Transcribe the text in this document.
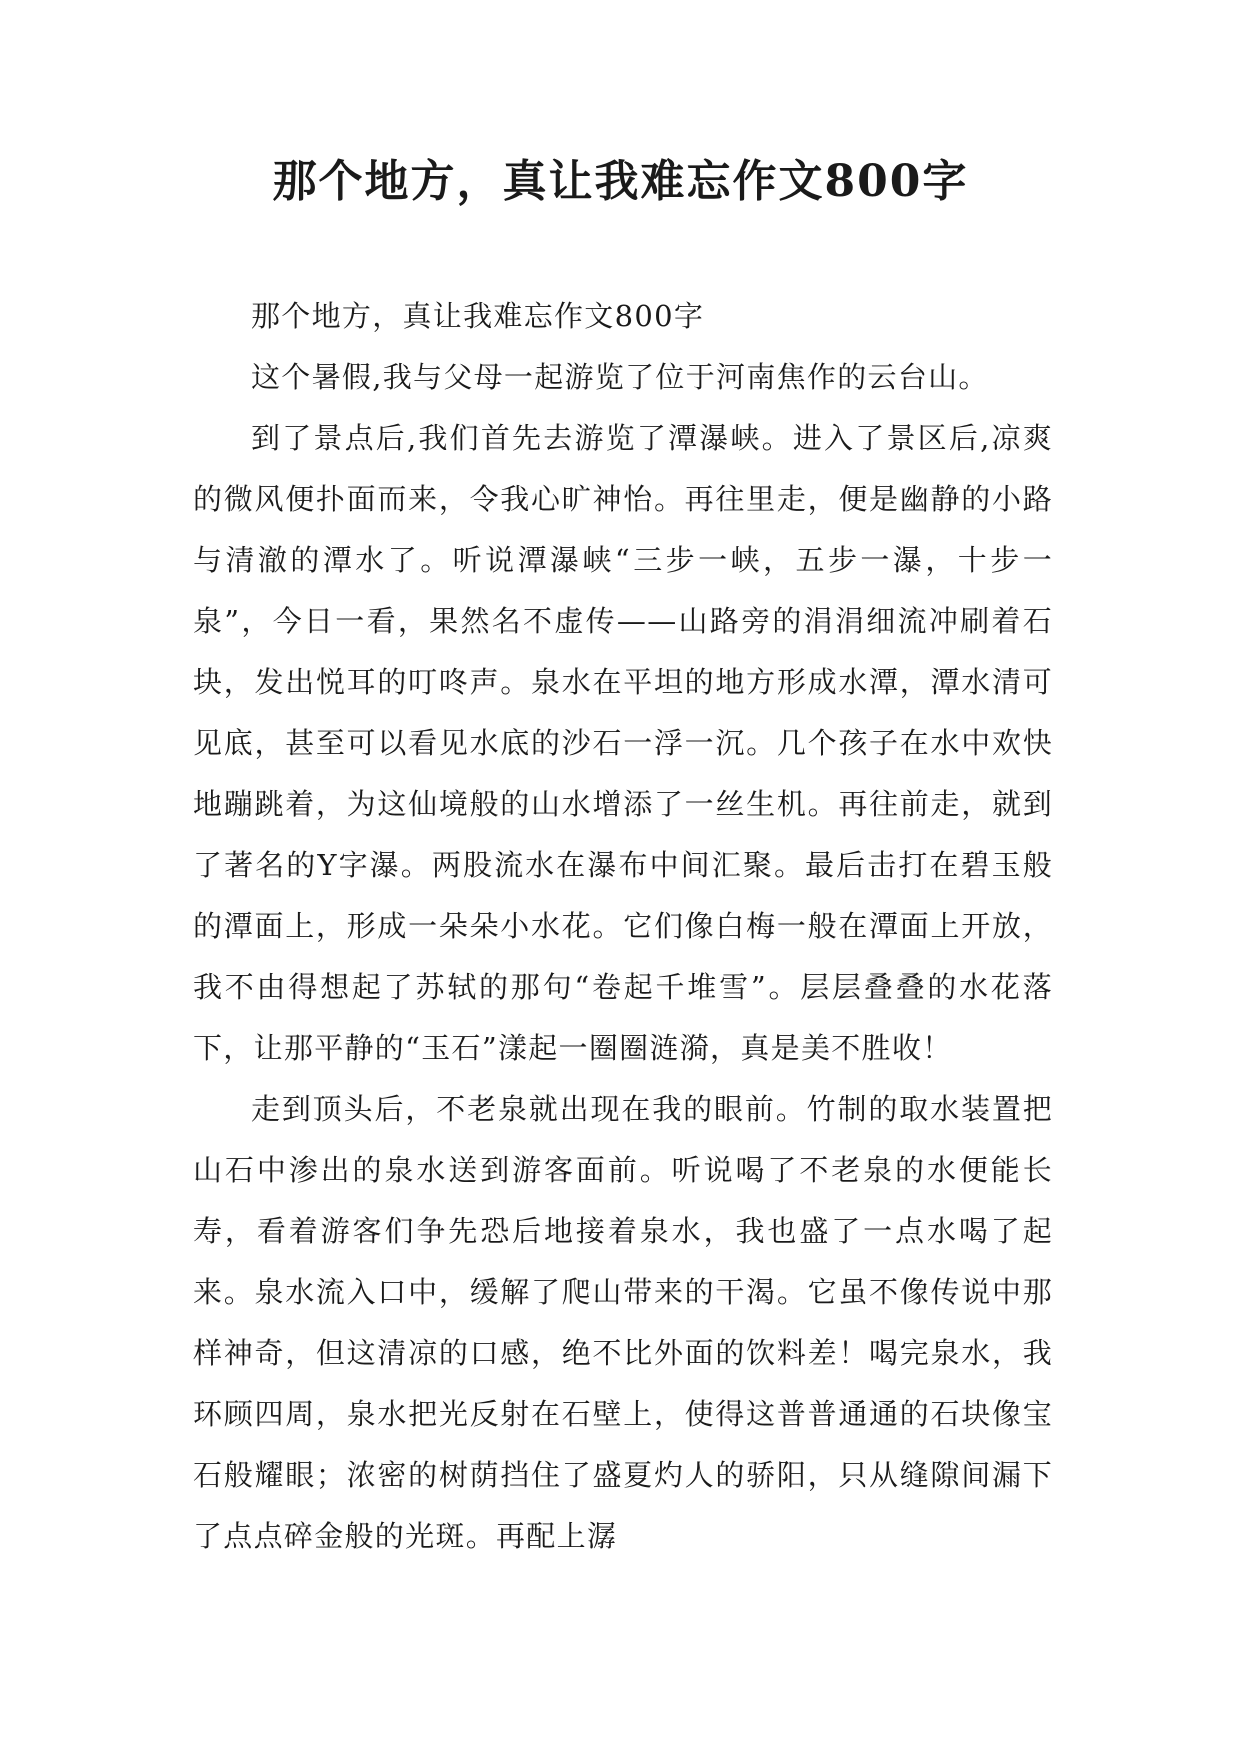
那个地方，真让我难忘作文800字

那个地方，真让我难忘作文800字

这个暑假,我与父母一起游览了位于河南焦作的云台山。

到了景点后,我们首先去游览了潭瀑峡。进入了景区后,凉爽的微风便扑面而来，令我心旷神怡。再往里走，便是幽静的小路与清澈的潭水了。听说潭瀑峡“三步一峡，五步一瀑，十步一泉”，今日一看，果然名不虚传——山路旁的涓涓细流冲刷着石块，发出悦耳的叮咚声。泉水在平坦的地方形成水潭，潭水清可见底，甚至可以看见水底的沙石一浮一沉。几个孩子在水中欢快地蹦跳着，为这仙境般的山水增添了一丝生机。再往前走，就到了著名的Y字瀑。两股流水在瀑布中间汇聚。最后击打在碧玉般的潭面上，形成一朵朵小水花。它们像白梅一般在潭面上开放，我不由得想起了苏轼的那句“卷起千堆雪”。层层叠叠的水花落下，让那平静的“玉石”漾起一圈圈涟漪，真是美不胜收！

走到顶头后，不老泉就出现在我的眼前。竹制的取水装置把山石中渗出的泉水送到游客面前。听说喝了不老泉的水便能长寿，看着游客们争先恐后地接着泉水，我也盛了一点水喝了起来。泉水流入口中，缓解了爬山带来的干渴。它虽不像传说中那样神奇，但这清凉的口感，绝不比外面的饮料差！喝完泉水，我环顾四周，泉水把光反射在石壁上，使得这普普通通的石块像宝石般耀眼；浓密的树荫挡住了盛夏灼人的骄阳，只从缝隙间漏下了点点碎金般的光斑。再配上潺
